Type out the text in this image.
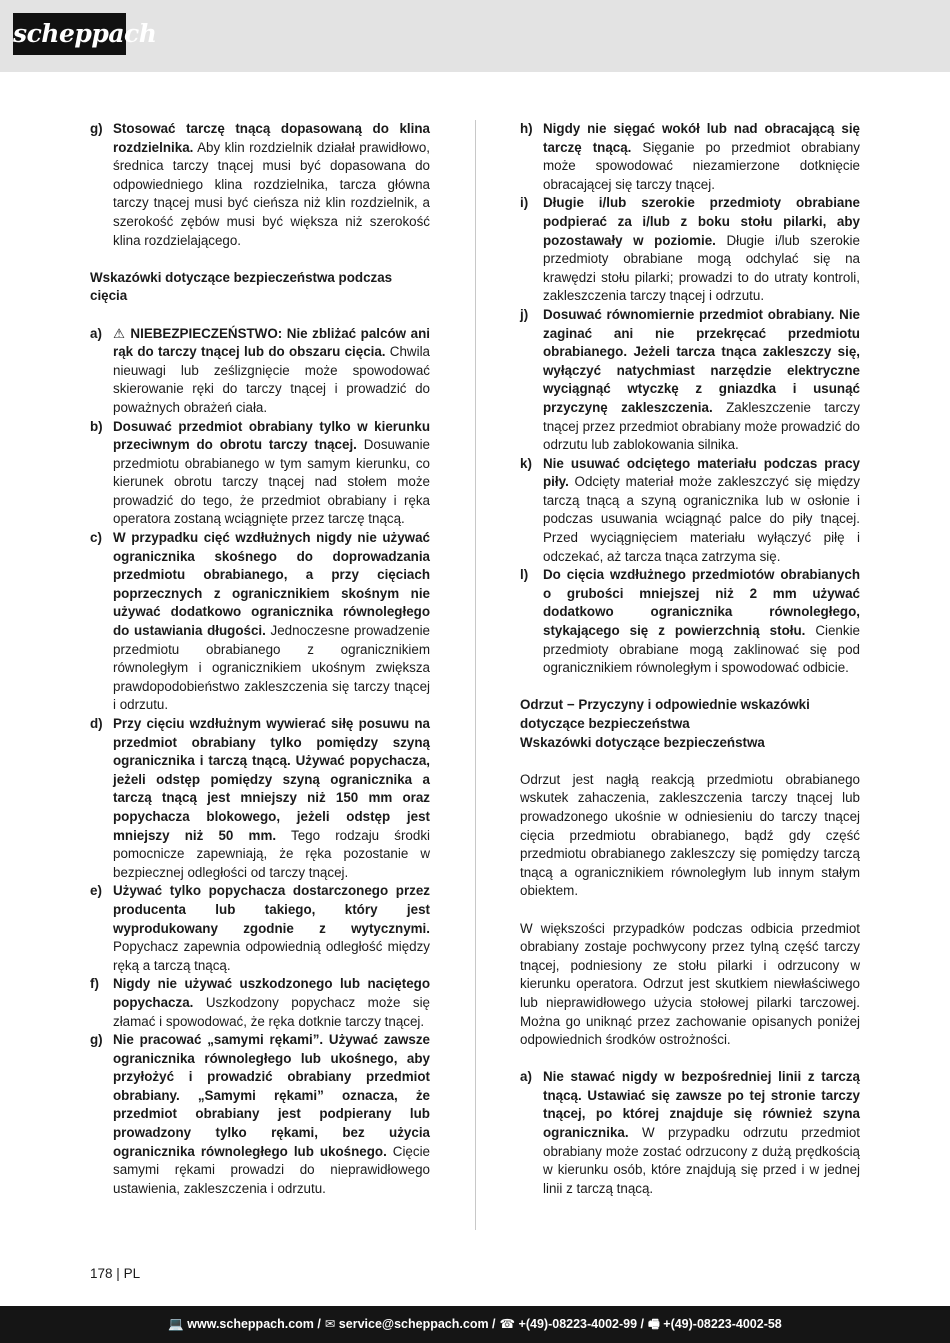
scheppach
g) Stosować tarczę tnącą dopasowaną do klina rozdzielnika. Aby klin rozdzielnik działał prawidłowo, średnica tarczy tnącej musi być dopasowana do odpowiedniego klina rozdzielnika, tarcza główna tarczy tnącej musi być cieńsza niż klin rozdzielnik, a szerokość zębów musi być większa niż szerokość klina rozdzielającego.

Wskazówki dotyczące bezpieczeństwa podczas cięcia

a) ⚠ NIEBEZPIECZEŃSTWO: Nie zbliżać palców ani rąk do tarczy tnącej lub do obszaru cięcia. Chwila nieuwagi lub ześlizgnięcie może spowodować skierowanie ręki do tarczy tnącej i prowadzić do poważnych obrażeń ciała.
b) Dosuwać przedmiot obrabiany tylko w kierunku przeciwnym do obrotu tarczy tnącej. Dosuwanie przedmiotu obrabianego w tym samym kierunku, co kierunek obrotu tarczy tnącej nad stołem może prowadzić do tego, że przedmiot obrabiany i ręka operatora zostaną wciągnięte przez tarczę tnącą.
c) W przypadku cięć wzdłużnych nigdy nie używać ogranicznika skośnego do doprowadzania przedmiotu obrabianego, a przy cięciach poprzecznych z ogranicznikiem skośnym nie używać dodatkowo ogranicznika równoległego do ustawiania długości. Jednoczesne prowadzenie przedmiotu obrabianego z ogranicznikiem równoległym i ogranicznikiem ukośnym zwiększa prawdopodobieństwo zakleszczenia się tarczy tnącej i odrzutu.
d) Przy cięciu wzdłużnym wywierać siłę posuwu na przedmiot obrabiany tylko pomiędzy szyną ogranicznika i tarczą tnącą. Używać popychacza, jeżeli odstęp pomiędzy szyną ogranicznika a tarczą tnącą jest mniejszy niż 150 mm oraz popychacza blokowego, jeżeli odstęp jest mniejszy niż 50 mm. Tego rodzaju środki pomocnicze zapewniają, że ręka pozostanie w bezpiecznej odległości od tarczy tnącej.
e) Używać tylko popychacza dostarczonego przez producenta lub takiego, który jest wyprodukowany zgodnie z wytycznymi. Popychacz zapewnia odpowiednią odległość między ręką a tarczą tnącą.
f)	Nigdy nie używać uszkodzonego lub naciętego popychacza. Uszkodzony popychacz może się złamać i spowodować, że ręka dotknie tarczy tnącej.
g) Nie pracować „samymi rękami”. Używać zawsze ogranicznika równoległego lub ukośnego, aby przyłożyć i prowadzić obrabiany przedmiot obrabiany. „Samymi rękami” oznacza, że przedmiot obrabiany jest podpierany lub prowadzony tylko rękami, bez użycia ogranicznika równoległego lub ukośnego. Cięcie samymi rękami prowadzi do nieprawidłowego ustawienia, zakleszczenia i odrzutu.
h) Nigdy nie sięgać wokół lub nad obracającą się tarczę tnącą. Sięganie po przedmiot obrabiany może spowodować niezamierzone dotknięcie obracającej się tarczy tnącej.
i)	Długie i/lub szerokie przedmioty obrabiane podpierać za i/lub z boku stołu pilarki, aby pozostawały w poziomie. Długie i/lub szerokie przedmioty obrabiane mogą odchylać się na krawędzi stołu pilarki; prowadzi to do utraty kontroli, zakleszczenia tarczy tnącej i odrzutu.
j)	Dosuwać równomiernie przedmiot obrabiany. Nie zaginać ani nie przekręcać przedmiotu obrabianego. Jeżeli tarcza tnąca zakleszczy się, wyłączyć natychmiast narzędzie elektryczne wyciągnąć wtyczkę z gniazdka i usunąć przyczynę zakleszczenia. Zakleszczenie tarczy tnącej przez przedmiot obrabiany może prowadzić do odrzutu lub zablokowania silnika.
k) Nie usuwać odciętego materiału podczas pracy piły. Odcięty materiał może zakleszczyć się między tarczą tnącą a szyną ogranicznika lub w osłonie i podczas usuwania wciągnąć palce do piły tnącej. Przed wyciągnięciem materiału wyłączyć piłę i odczekać, aż tarcza tnąca zatrzyma się.
l)	Do cięcia wzdłużnego przedmiotów obrabianych o grubości mniejszej niż 2 mm używać dodatkowo ogranicznika równoległego, stykającego się z powierzchnią stołu. Cienkie przedmioty obrabiane mogą zaklinować się pod ogranicznikiem równoległym i spowodować odbicie.

Odrzut − Przyczyny i odpowiednie wskazówki dotyczące bezpieczeństwa

Wskazówki dotyczące bezpieczeństwa

Odrzut jest nagłą reakcją przedmiotu obrabianego wskutek zahaczenia, zakleszczenia tarczy tnącej lub prowadzonego ukośnie w odniesieniu do tarczy tnącej cięcia przedmiotu obrabianego, bądź gdy część przedmiotu obrabianego zakleszczy się pomiędzy tarczą tnącą a ogranicznikiem równoległym lub innym stałym obiektem.

W większości przypadków podczas odbicia przedmiot obrabiany zostaje pochwycony przez tylną część tarczy tnącej, podniesiony ze stołu pilarki i odrzucony w kierunku operatora. Odrzut jest skutkiem niewłaściwego lub nieprawidłowego użycia stołowej pilarki tarczowej. Można go uniknąć przez zachowanie opisanych poniżej odpowiednich środków ostrożności.

a) Nie stawać nigdy w bezpośredniej linii z tarczą tnącą. Ustawiać się zawsze po tej stronie tarczy tnącej, po której znajduje się również szyna ogranicznika. W przypadku odrzutu przedmiot obrabiany może zostać odrzucony z dużą prędkością w kierunku osób, które znajdują się przed i w jednej linii z tarczą tnącą.
178 | PL
💻 www.scheppach.com / ✉ service@scheppach.com / ☎ +(49)-08223-4002-99 / 🖷 +(49)-08223-4002-58
